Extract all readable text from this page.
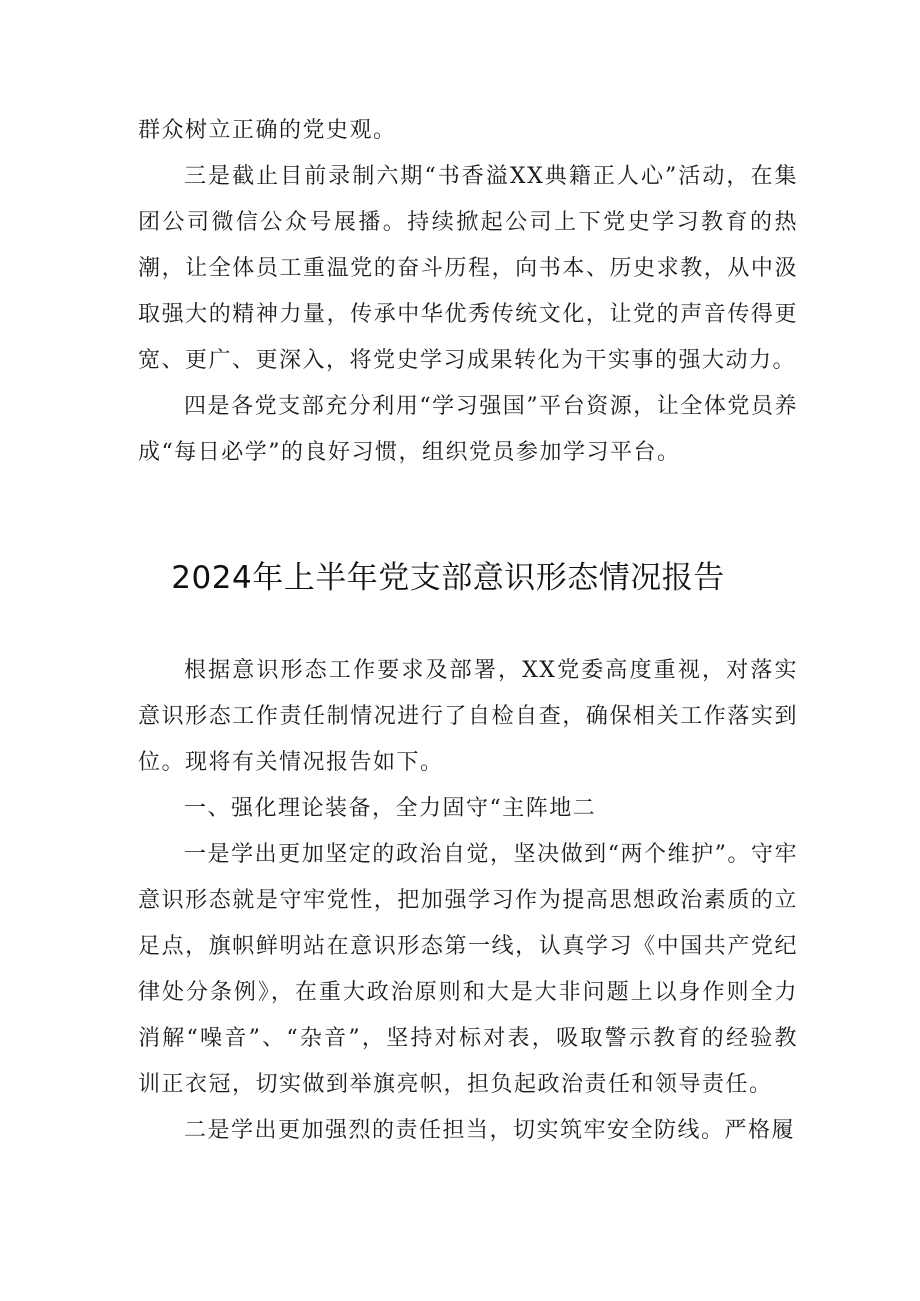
群众树立正确的党史观。

三是截止目前录制六期“书香溢XX典籍正人心”活动，在集团公司微信公众号展播。持续掀起公司上下党史学习教育的热潮，让全体员工重温党的奋斗历程，向书本、历史求教，从中汲取强大的精神力量，传承中华优秀传统文化，让党的声音传得更宽、更广、更深入，将党史学习成果转化为干实事的强大动力。

四是各党支部充分利用“学习强国”平台资源，让全体党员养成“每日必学”的良好习惯，组织党员参加学习平台。

2024年上半年党支部意识形态情况报告

根据意识形态工作要求及部署，XX党委高度重视，对落实意识形态工作责任制情况进行了自检自查，确保相关工作落实到位。现将有关情况报告如下。

一、强化理论装备，全力固守“主阵地二

一是学出更加坚定的政治自觉，坚决做到“两个维护”。守牢意识形态就是守牢党性，把加强学习作为提高思想政治素质的立足点，旗帜鲜明站在意识形态第一线，认真学习《中国共产党纪律处分条例》，在重大政治原则和大是大非问题上以身作则全力消解“噪音”、“杂音”，坚持对标对表，吸取警示教育的经验教训正衣冠，切实做到举旗亮帜，担负起政治责任和领导责任。

二是学出更加强烈的责任担当，切实筑牢安全防线。严格履
